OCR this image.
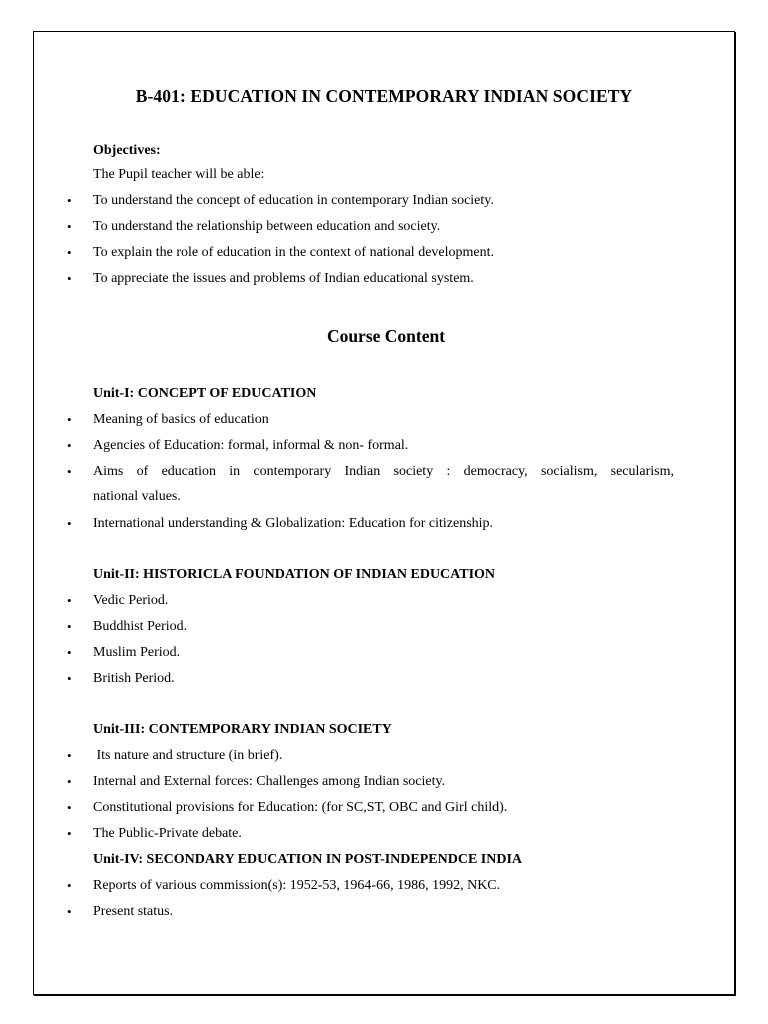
B-401: EDUCATION IN CONTEMPORARY INDIAN SOCIETY
Objectives:
The Pupil teacher will be able:
• To understand the concept of education in contemporary Indian society.
• To understand the relationship between education and society.
• To explain the role of education in the context of national development.
• To appreciate the issues and problems of Indian educational system.
Course Content
Unit-I: CONCEPT OF EDUCATION
• Meaning of basics of education
• Agencies of Education: formal, informal & non- formal.
• Aims of education in contemporary Indian society : democracy, socialism, secularism,
national values.
• International understanding & Globalization: Education for citizenship.
Unit-II: HISTORICLA FOUNDATION OF INDIAN EDUCATION
• Vedic Period.
• Buddhist Period.
• Muslim Period.
• British Period.
Unit-III: CONTEMPORARY INDIAN SOCIETY
• Its nature and structure (in brief).
• Internal and External forces: Challenges among Indian society.
• Constitutional provisions for Education: (for SC,ST, OBC and Girl child).
• The Public-Private debate.
Unit-IV: SECONDARY EDUCATION IN POST-INDEPENDCE INDIA
• Reports of various commission(s): 1952-53, 1964-66, 1986, 1992, NKC.
• Present status.
